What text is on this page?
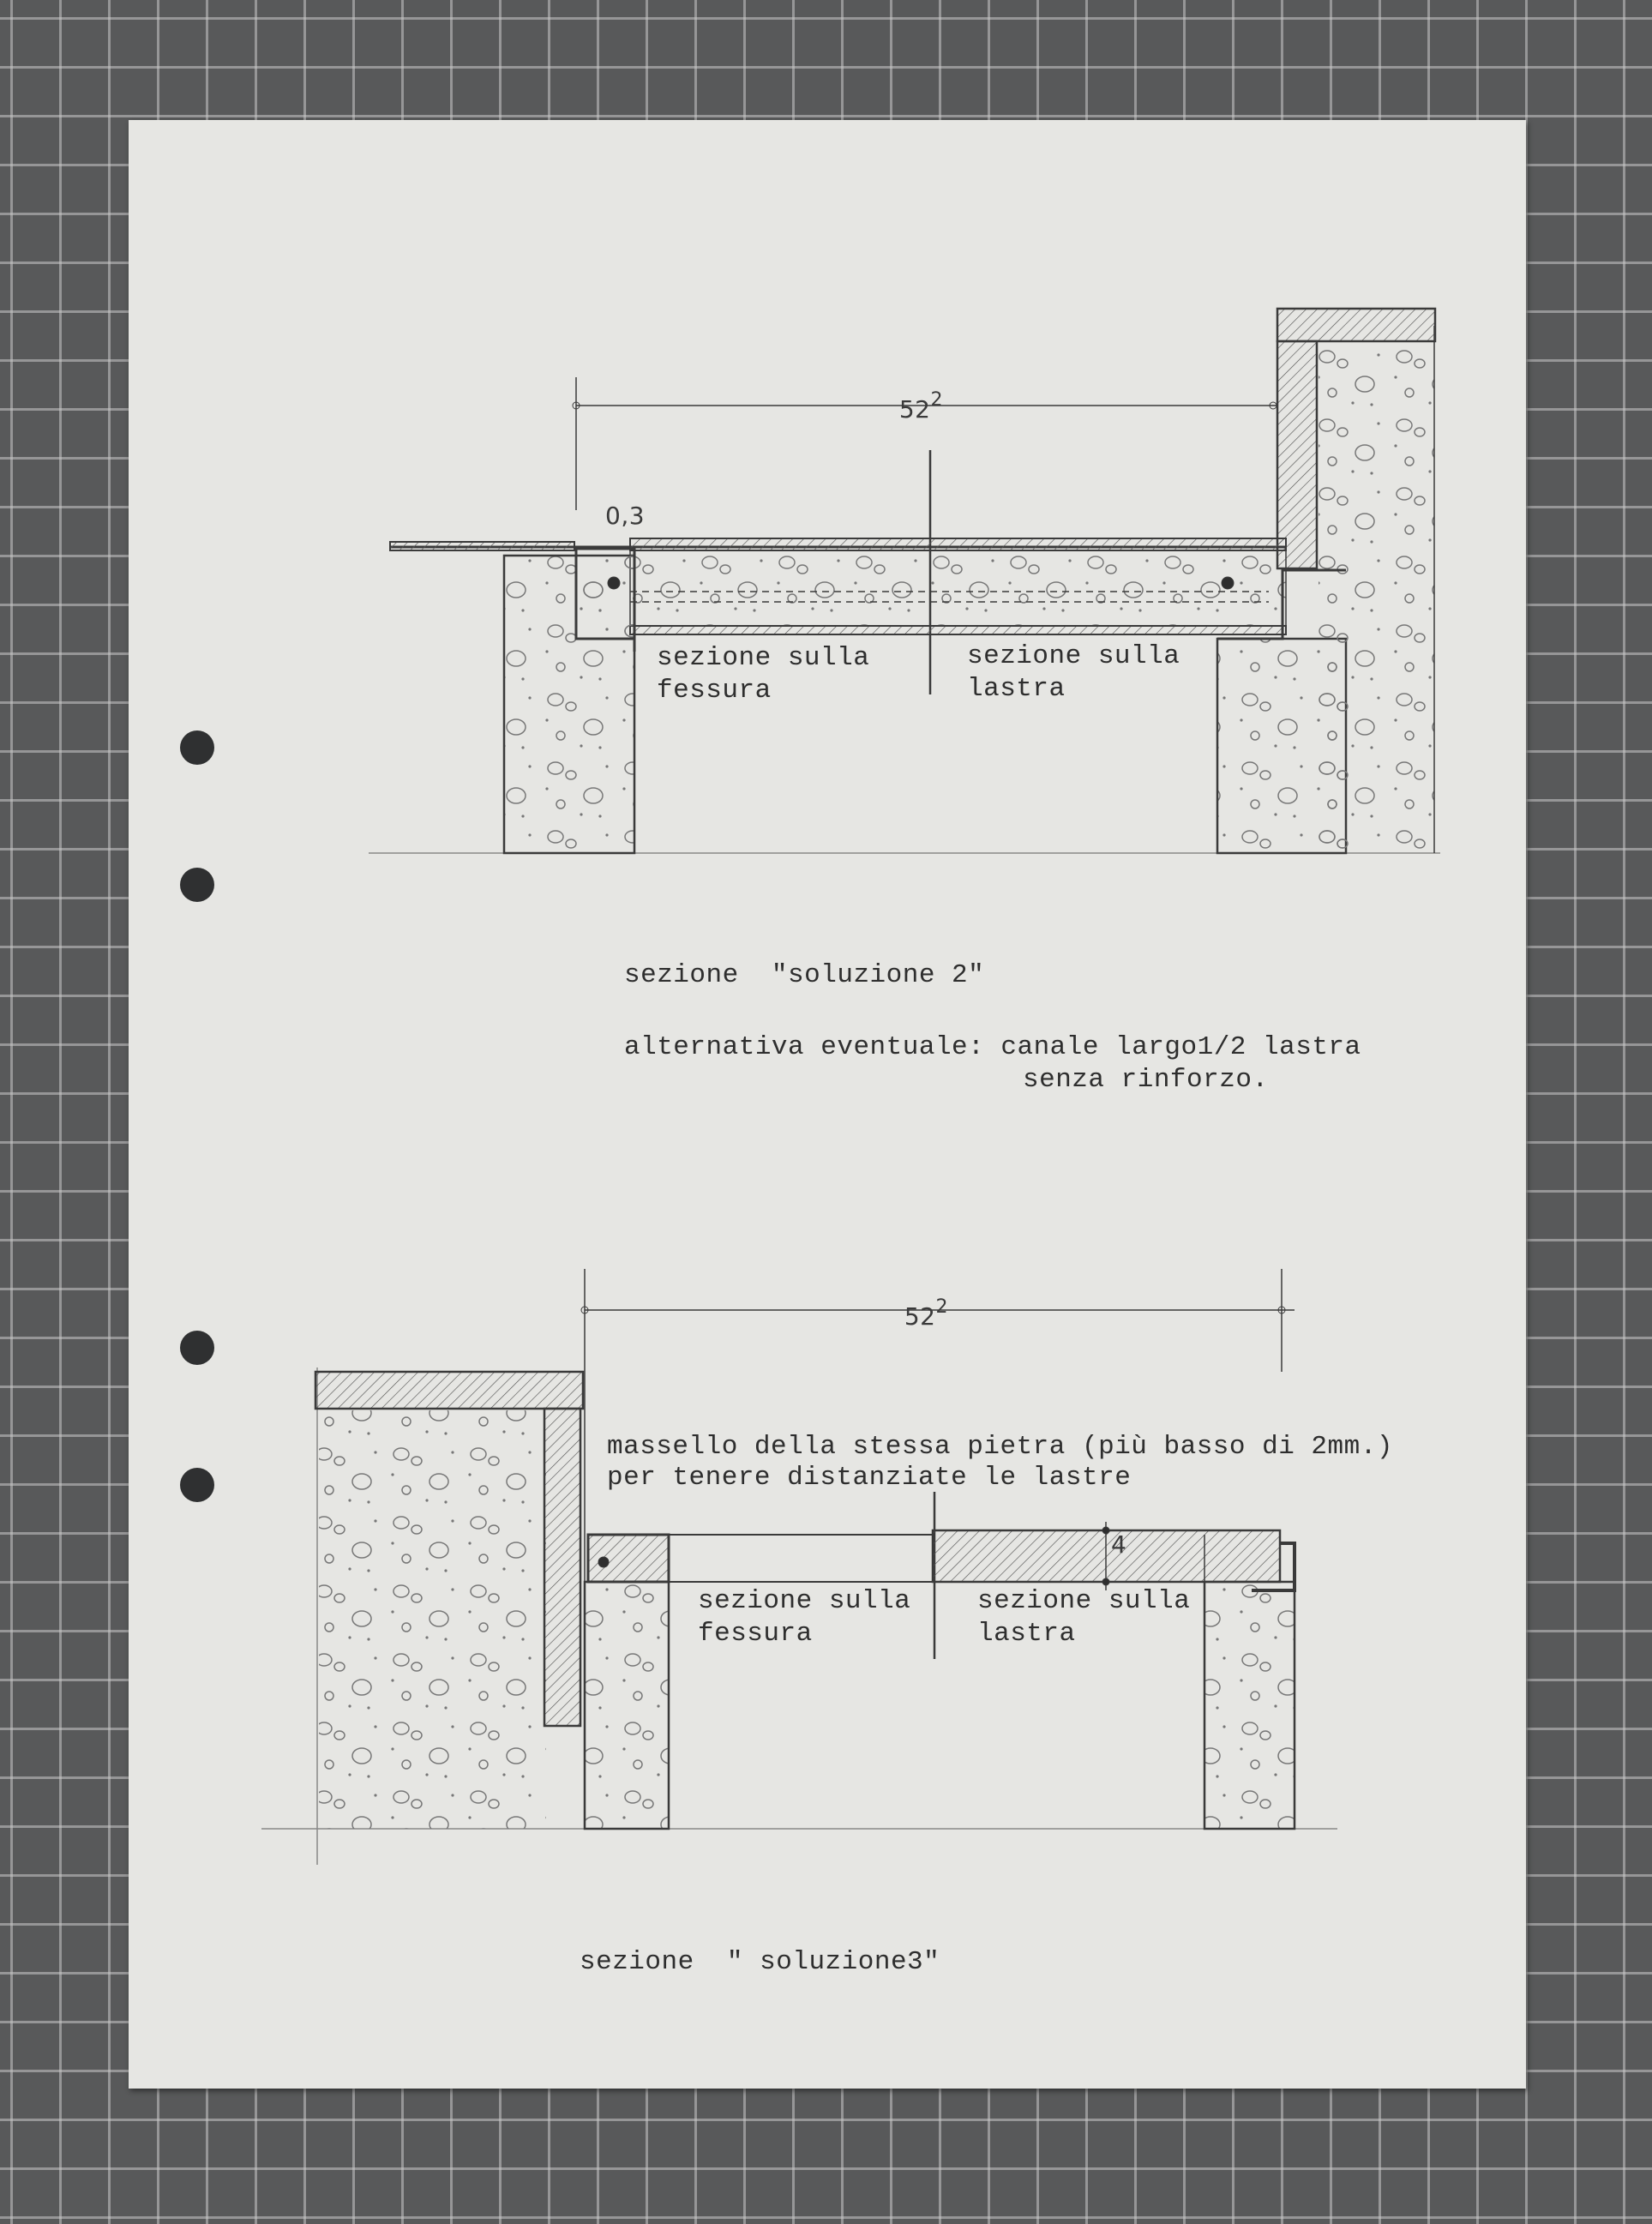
$52^2$

0,3
sezione sulla
fessura
sezione sulla
lastra
sezione  "soluzione 2"
alternativa eventuale: canale largo1/2 lastra
senza rinforzo.

$52^2$

massello della stessa pietra (più basso di 2mm.)
per tenere distanziate le lastre
4
sezione sulla
fessura
sezione sulla
lastra
sezione  " soluzione3"
